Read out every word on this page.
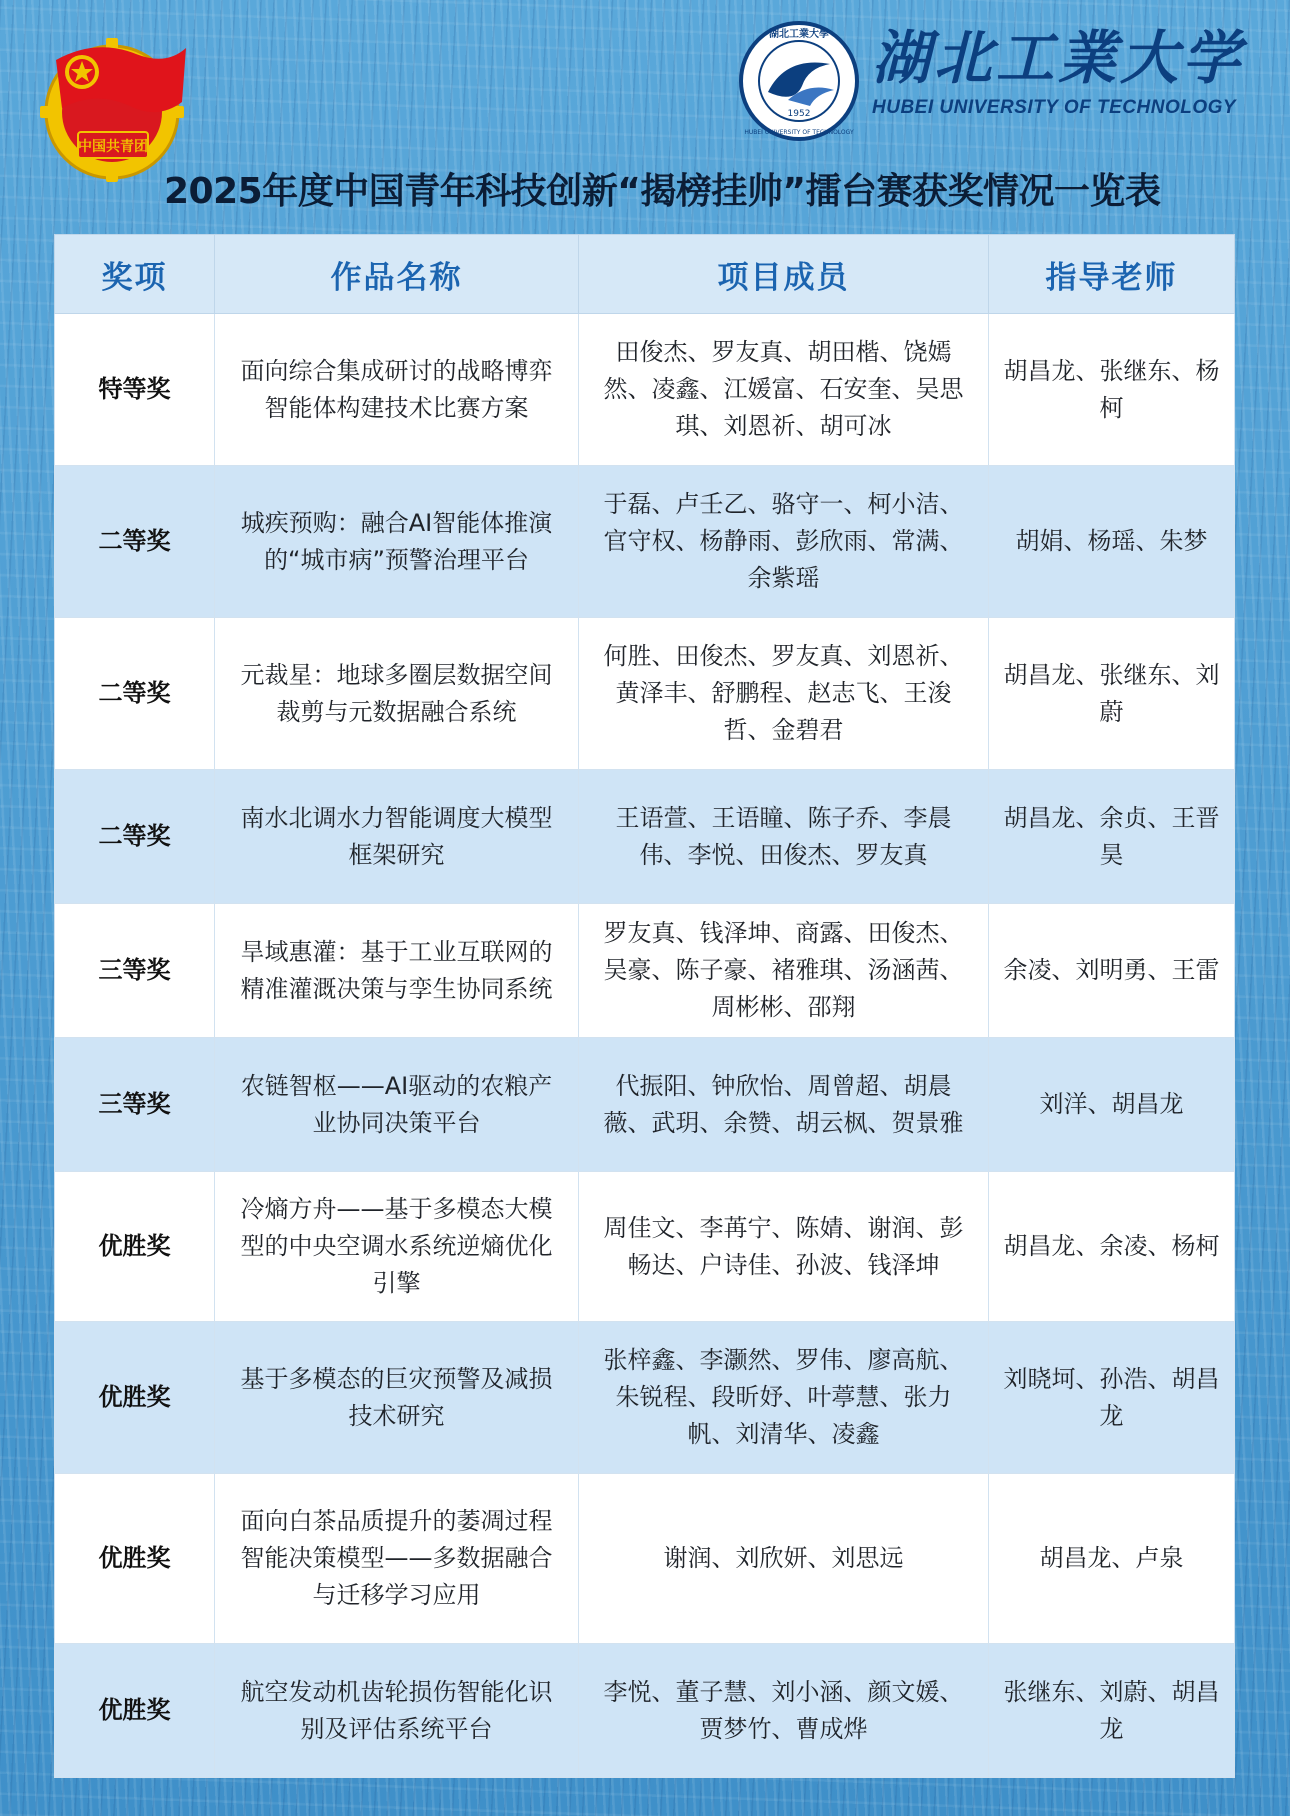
中国共青团
1952
湖北工業大學
HUBEI UNIVERSITY OF TECHNOLOGY
湖北工業大学
HUBEI UNIVERSITY OF TECHNOLOGY
2025年度中国青年科技创新“揭榜挂帅”擂台赛获奖情况一览表
奖项	作品名称	项目成员	指导老师
特等奖	面向综合集成研讨的战略博弈智能体构建技术比赛方案	田俊杰、罗友真、胡田楷、饶嫣然、凌鑫、江媛富、石安奎、吴思琪、刘恩祈、胡可冰	胡昌龙、张继东、杨柯
二等奖	城疾预购：融合AI智能体推演的“城市病”预警治理平台	于磊、卢壬乙、骆守一、柯小洁、官守权、杨静雨、彭欣雨、常满、余紫瑶	胡娟、杨瑶、朱梦
二等奖	元裁星：地球多圈层数据空间裁剪与元数据融合系统	何胜、田俊杰、罗友真、刘恩祈、黄泽丰、舒鹏程、赵志飞、王浚哲、金碧君	胡昌龙、张继东、刘蔚
二等奖	南水北调水力智能调度大模型框架研究	王语萱、王语瞳、陈子乔、李晨伟、李悦、田俊杰、罗友真	胡昌龙、余贞、王晋昊
三等奖	旱域惠灌：基于工业互联网的精准灌溉决策与孪生协同系统	罗友真、钱泽坤、商露、田俊杰、吴豪、陈子豪、褚雅琪、汤涵茜、周彬彬、邵翔	余凌、刘明勇、王雷
三等奖	农链智枢——AI驱动的农粮产业协同决策平台	代振阳、钟欣怡、周曾超、胡晨薇、武玥、余赞、胡云枫、贺景雅	刘洋、胡昌龙
优胜奖	冷熵方舟——基于多模态大模型的中央空调水系统逆熵优化引擎	周佳文、李苒宁、陈婧、谢润、彭畅达、户诗佳、孙波、钱泽坤	胡昌龙、余凌、杨柯
优胜奖	基于多模态的巨灾预警及减损技术研究	张梓鑫、李灏然、罗伟、廖高航、朱锐程、段昕妤、叶葶慧、张力帆、刘清华、凌鑫	刘晓坷、孙浩、胡昌龙
优胜奖	面向白茶品质提升的萎凋过程智能决策模型——多数据融合与迁移学习应用	谢润、刘欣妍、刘思远	胡昌龙、卢泉
优胜奖	航空发动机齿轮损伤智能化识别及评估系统平台	李悦、董子慧、刘小涵、颜文媛、贾梦竹、曹成烨	张继东、刘蔚、胡昌龙
